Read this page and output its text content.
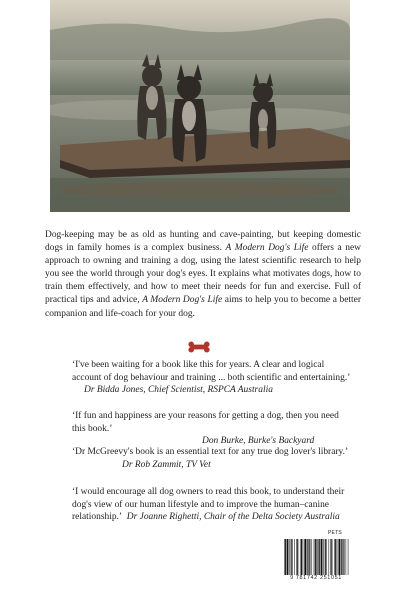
Dog-keeping may be as old as hunting and cave-painting, but keeping domestic dogs in family homes is a complex business. A Modern Dog's Life offers a new approach to owning and training a dog, using the latest scientific research to help you see the world through your dog's eyes. It explains what motivates dogs, how to train them effectively, and how to meet their needs for fun and exercise. Full of practical tips and advice, A Modern Dog's Life aims to help you to become a better companion and life-coach for your dog.

‘I've been waiting for a book like this for years. A clear and logical account of dog behaviour and training ... both scientific and entertaining.’

Dr Bidda Jones, Chief Scientist, RSPCA Australia

‘If fun and happiness are your reasons for getting a dog, then you need this book.’

Don Burke, Burke's Backyard

‘Dr McGreevy's book is an essential text for any true dog lover's library.’

Dr Rob Zammit, TV Vet

‘I would encourage all dog owners to read this book, to understand their dog's view of our human lifestyle and to improve the human–canine relationship.’ Dr Joanne Righetti, Chair of the Delta Society Australia

9 781742 251051
PETS
